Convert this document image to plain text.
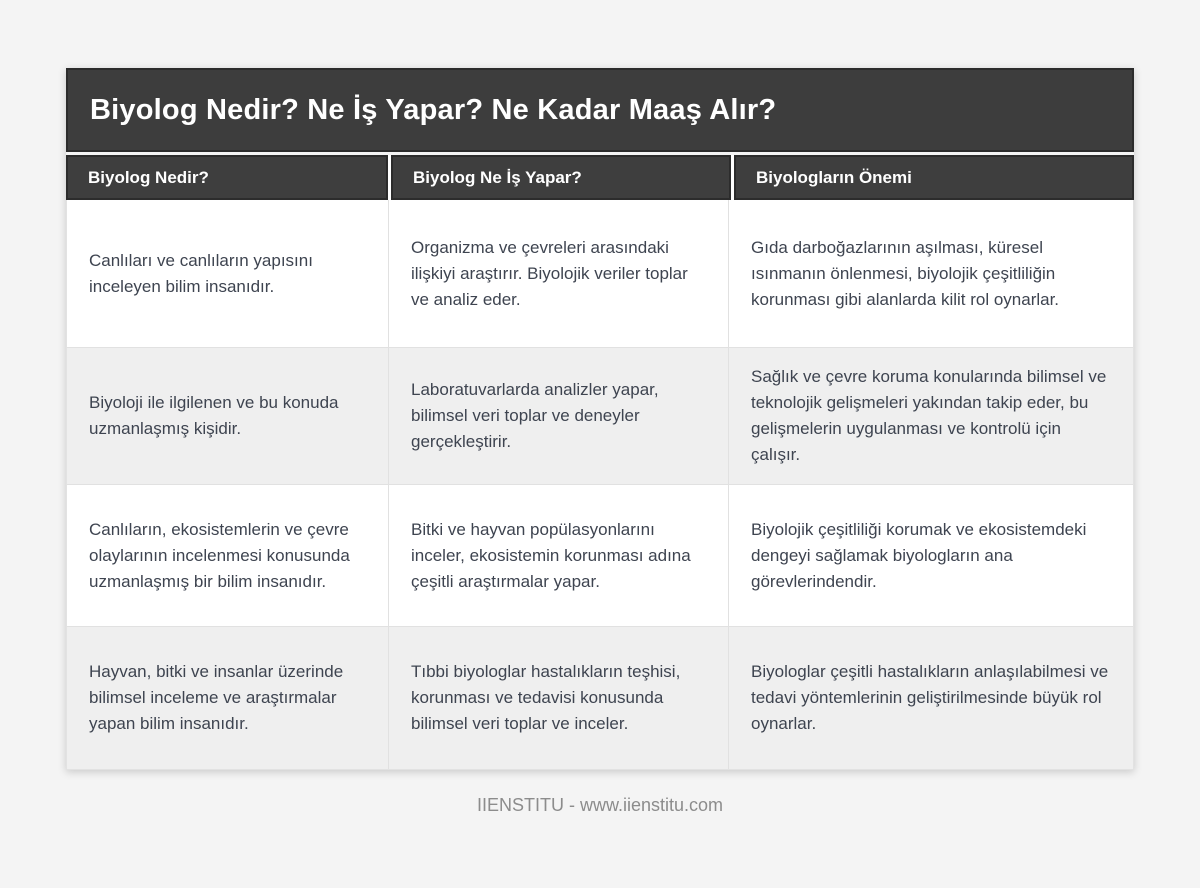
Biyolog Nedir? Ne İş Yapar? Ne Kadar Maaş Alır?
Biyolog Nedir?	Biyolog Ne İş Yapar?	Biyologların Önemi
Canlıları ve canlıların yapısını inceleyen bilim insanıdır.
Organizma ve çevreleri arasındaki ilişkiyi araştırır. Biyolojik veriler toplar ve analiz eder.
Gıda darboğazlarının aşılması, küresel ısınmanın önlenmesi, biyolojik çeşitliliğin korunması gibi alanlarda kilit rol oynarlar.
Biyoloji ile ilgilenen ve bu konuda uzmanlaşmış kişidir.
Laboratuvarlarda analizler yapar, bilimsel veri toplar ve deneyler gerçekleştirir.
Sağlık ve çevre koruma konularında bilimsel ve teknolojik gelişmeleri yakından takip eder, bu gelişmelerin uygulanması ve kontrolü için çalışır.
Canlıların, ekosistemlerin ve çevre olaylarının incelenmesi konusunda uzmanlaşmış bir bilim insanıdır.
Bitki ve hayvan popülasyonlarını inceler, ekosistemin korunması adına çeşitli araştırmalar yapar.
Biyolojik çeşitliliği korumak ve ekosistemdeki dengeyi sağlamak biyologların ana görevlerindendir.
Hayvan, bitki ve insanlar üzerinde bilimsel inceleme ve araştırmalar yapan bilim insanıdır.
Tıbbi biyologlar hastalıkların teşhisi, korunması ve tedavisi konusunda bilimsel veri toplar ve inceler.
Biyologlar çeşitli hastalıkların anlaşılabilmesi ve tedavi yöntemlerinin geliştirilmesinde büyük rol oynarlar.
IIENSTITU - www.iienstitu.com
